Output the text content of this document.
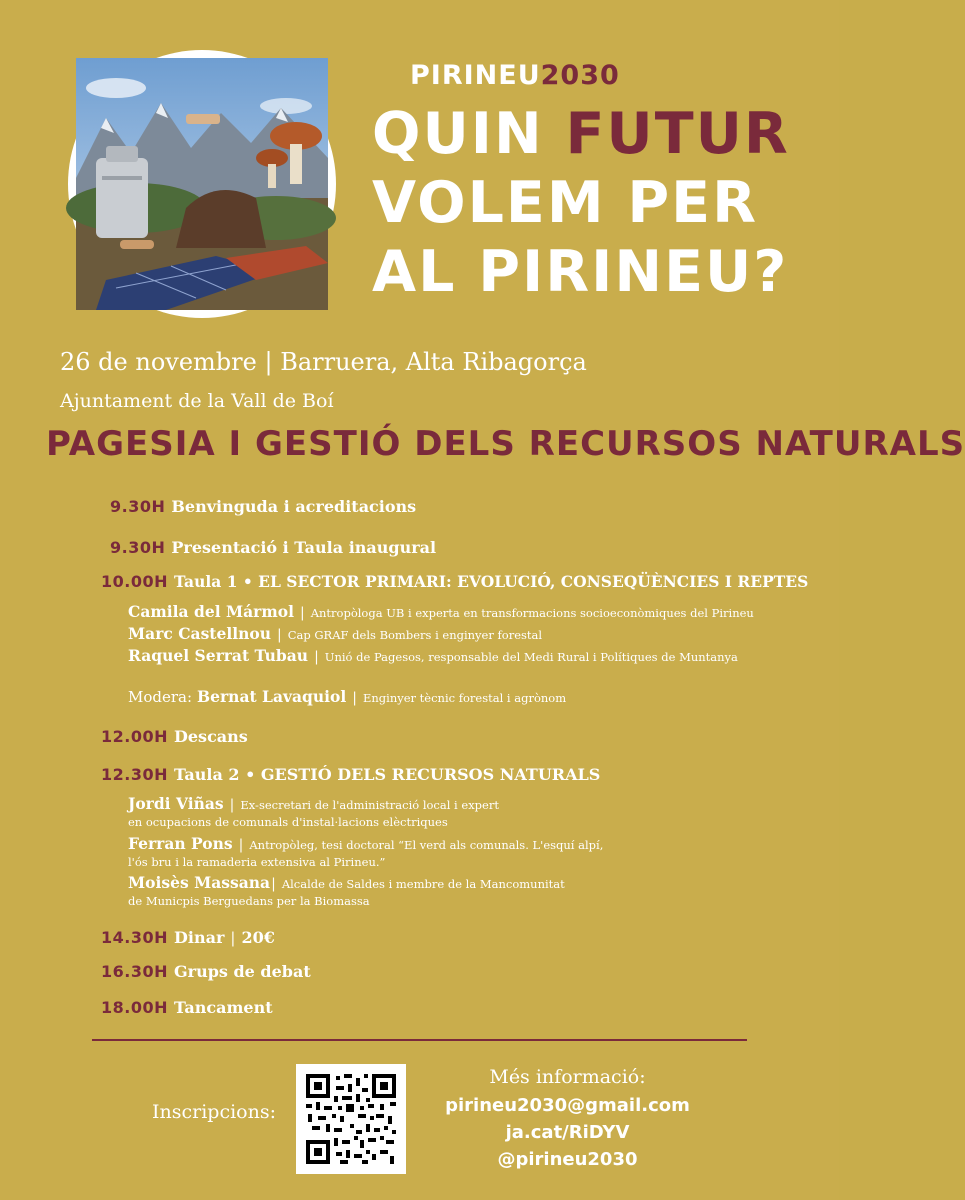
PIRINEU2030
QUIN FUTUR
VOLEM PER
AL PIRINEU?
26 de novembre | Barruera, Alta Ribagorça
Ajuntament de la Vall de Boí
PAGESIA I GESTIÓ DELS RECURSOS NATURALS
9.30H Benvinguda i acreditacions
9.30H Presentació i Taula inaugural
10.00H Taula 1 • EL SECTOR PRIMARI: EVOLUCIÓ, CONSEQÜÈNCIES I REPTES
Camila del Mármol | Antropòloga UB i experta en transformacions socioeconòmiques del Pirineu
Marc Castellnou | Cap GRAF dels Bombers i enginyer forestal
Raquel Serrat Tubau | Unió de Pagesos, responsable del Medi Rural i Polítiques de Muntanya
Modera: Bernat Lavaquiol | Enginyer tècnic forestal i agrònom
12.00H Descans
12.30H Taula 2 • GESTIÓ DELS RECURSOS NATURALS
Jordi Viñas | Ex-secretari de l'administració local i expert
en ocupacions de comunals d'instal·lacions elèctriques
Ferran Pons | Antropòleg, tesi doctoral “El verd als comunals. L'esquí alpí,
l'ós bru i la ramaderia extensiva al Pirineu.”
Moisès Massana | Alcalde de Saldes i membre de la Mancomunitat
de Municpis Berguedans per la Biomassa
14.30H Dinar | 20€
16.30H Grups de debat
18.00H Tancament
Inscripcions:
Més informació:
pirineu2030@gmail.com
ja.cat/RiDYV
@pirineu2030
